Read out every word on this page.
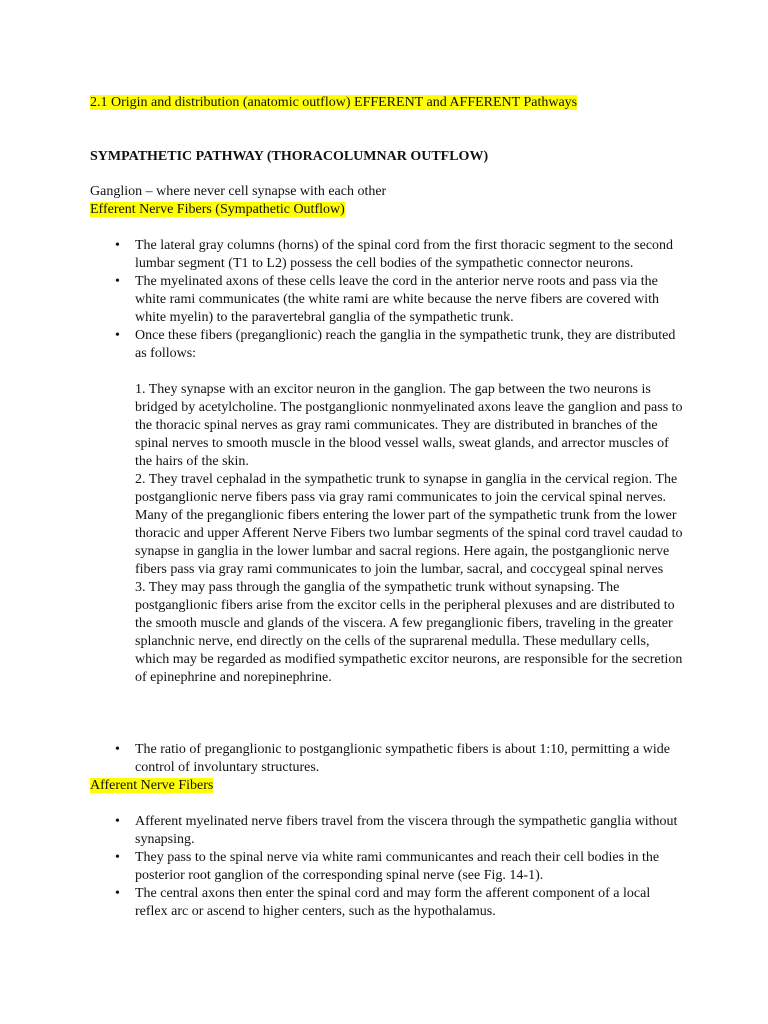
2.1 Origin and distribution (anatomic outflow) EFFERENT and AFFERENT Pathways

SYMPATHETIC PATHWAY (THORACOLUMNAR OUTFLOW)

Ganglion – where never cell synapse with each other

Efferent Nerve Fibers (Sympathetic Outflow)

• The lateral gray columns (horns) of the spinal cord from the first thoracic segment to the second lumbar segment (T1 to L2) possess the cell bodies of the sympathetic connector neurons.
• The myelinated axons of these cells leave the cord in the anterior nerve roots and pass via the white rami communicates (the white rami are white because the nerve fibers are covered with white myelin) to the paravertebral ganglia of the sympathetic trunk.
• Once these fibers (preganglionic) reach the ganglia in the sympathetic trunk, they are distributed as follows:

1. They synapse with an excitor neuron in the ganglion. The gap between the two neurons is bridged by acetylcholine. The postganglionic nonmyelinated axons leave the ganglion and pass to the thoracic spinal nerves as gray rami communicates. They are distributed in branches of the spinal nerves to smooth muscle in the blood vessel walls, sweat glands, and arrector muscles of the hairs of the skin.

2. They travel cephalad in the sympathetic trunk to synapse in ganglia in the cervical region. The postganglionic nerve fibers pass via gray rami communicates to join the cervical spinal nerves. Many of the preganglionic fibers entering the lower part of the sympathetic trunk from the lower thoracic and upper Afferent Nerve Fibers two lumbar segments of the spinal cord travel caudad to synapse in ganglia in the lower lumbar and sacral regions. Here again, the postganglionic nerve fibers pass via gray rami communicates to join the lumbar, sacral, and coccygeal spinal nerves

3. They may pass through the ganglia of the sympathetic trunk without synapsing. The postganglionic fibers arise from the excitor cells in the peripheral plexuses and are distributed to the smooth muscle and glands of the viscera. A few preganglionic fibers, traveling in the greater splanchnic nerve, end directly on the cells of the suprarenal medulla. These medullary cells, which may be regarded as modified sympathetic excitor neurons, are responsible for the secretion of epinephrine and norepinephrine.

• The ratio of preganglionic to postganglionic sympathetic fibers is about 1:10, permitting a wide control of involuntary structures.

Afferent Nerve Fibers

• Afferent myelinated nerve fibers travel from the viscera through the sympathetic ganglia without synapsing.
• They pass to the spinal nerve via white rami communicantes and reach their cell bodies in the posterior root ganglion of the corresponding spinal nerve (see Fig. 14-1).
• The central axons then enter the spinal cord and may form the afferent component of a local reflex arc or ascend to higher centers, such as the hypothalamus.
